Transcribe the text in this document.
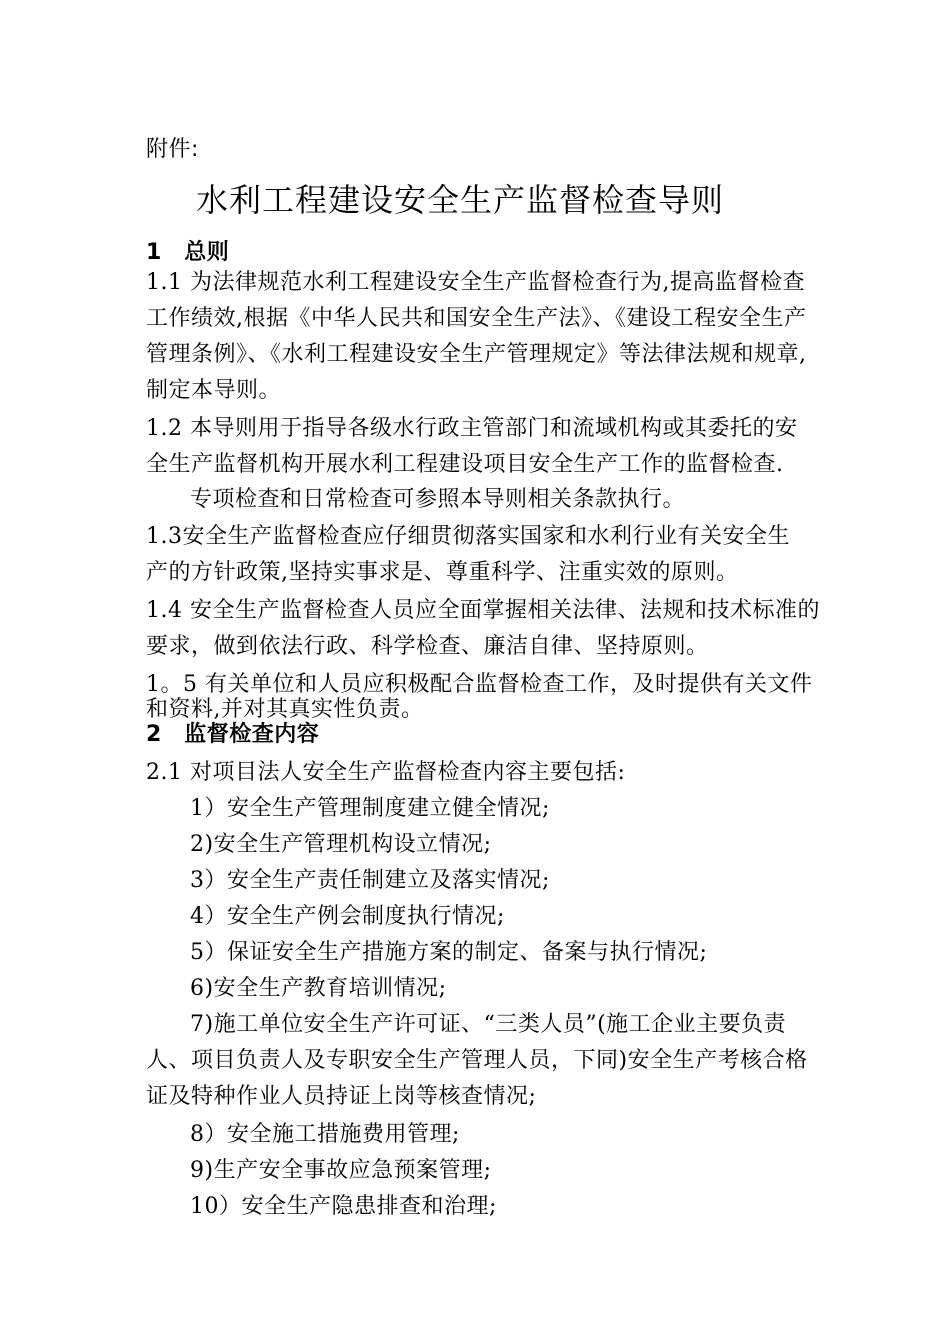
附件:
水利工程建设安全生产监督检查导则
1　总则
1.1 为法律规范水利工程建设安全生产监督检查行为,提高监督检查
工作绩效,根据《中华人民共和国安全生产法》、《建设工程安全生产
管理条例》、《水利工程建设安全生产管理规定》等法律法规和规章,
制定本导则。
1.2 本导则用于指导各级水行政主管部门和流域机构或其委托的安
全生产监督机构开展水利工程建设项目安全生产工作的监督检查.
专项检查和日常检查可参照本导则相关条款执行。
1.3安全生产监督检查应仔细贯彻落实国家和水利行业有关安全生
产的方针政策,坚持实事求是、尊重科学、注重实效的原则。
1.4 安全生产监督检查人员应全面掌握相关法律、法规和技术标准的
要求，做到依法行政、科学检查、廉洁自律、坚持原则。
1。5 有关单位和人员应积极配合监督检查工作，及时提供有关文件
和资料,并对其真实性负责。
2　监督检查内容
2.1 对项目法人安全生产监督检查内容主要包括:
1）安全生产管理制度建立健全情况;
2)安全生产管理机构设立情况;
3）安全生产责任制建立及落实情况;
4）安全生产例会制度执行情况;
5）保证安全生产措施方案的制定、备案与执行情况;
6)安全生产教育培训情况;
7)施工单位安全生产许可证、“三类人员”(施工企业主要负责
人、项目负责人及专职安全生产管理人员，下同)安全生产考核合格
证及特种作业人员持证上岗等核查情况;
8）安全施工措施费用管理;
9)生产安全事故应急预案管理;
10）安全生产隐患排查和治理;
